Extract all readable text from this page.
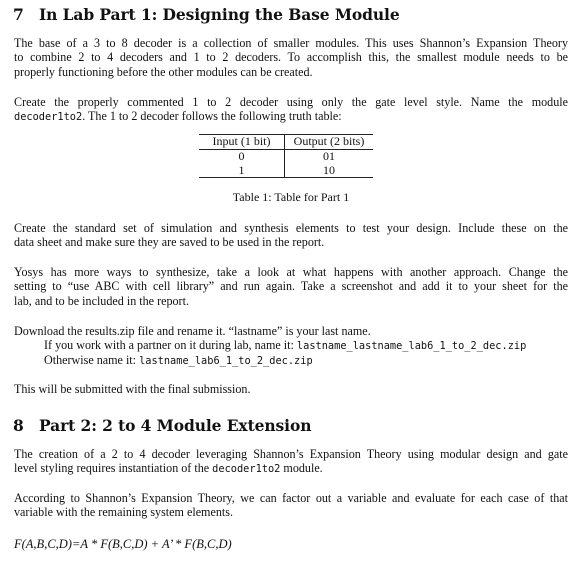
7 In Lab Part 1: Designing the Base Module

The base of a 3 to 8 decoder is a collection of smaller modules. This uses Shannon’s Expansion Theory
to combine 2 to 4 decoders and 1 to 2 decoders. To accomplish this, the smallest module needs to be
properly functioning before the other modules can be created.

Create the properly commented 1 to 2 decoder using only the gate level style. Name the module
decoder1to2. The 1 to 2 decoder follows the following truth table:

Input (1 bit)	Output (2 bits)
0	01
1	10
Table 1: Table for Part 1

Create the standard set of simulation and synthesis elements to test your design. Include these on the
data sheet and make sure they are saved to be used in the report.

Yosys has more ways to synthesize, take a look at what happens with another approach. Change the
setting to “use ABC with cell library” and run again. Take a screenshot and add it to your sheet for the
lab, and to be included in the report.

Download the results.zip file and rename it. “lastname” is your last name.

If you work with a partner on it during lab, name it: lastname_lastname_lab6_1_to_2_dec.zip
Otherwise name it: lastname_lab6_1_to_2_dec.zip

This will be submitted with the final submission.

8 Part 2: 2 to 4 Module Extension

The creation of a 2 to 4 decoder leveraging Shannon’s Expansion Theory using modular design and gate
level styling requires instantiation of the decoder1to2 module.

According to Shannon’s Expansion Theory, we can factor out a variable and evaluate for each case of that
variable with the remaining system elements.

F(A,B,C,D)=A * F(B,C,D) + A’ * F(B,C,D)
